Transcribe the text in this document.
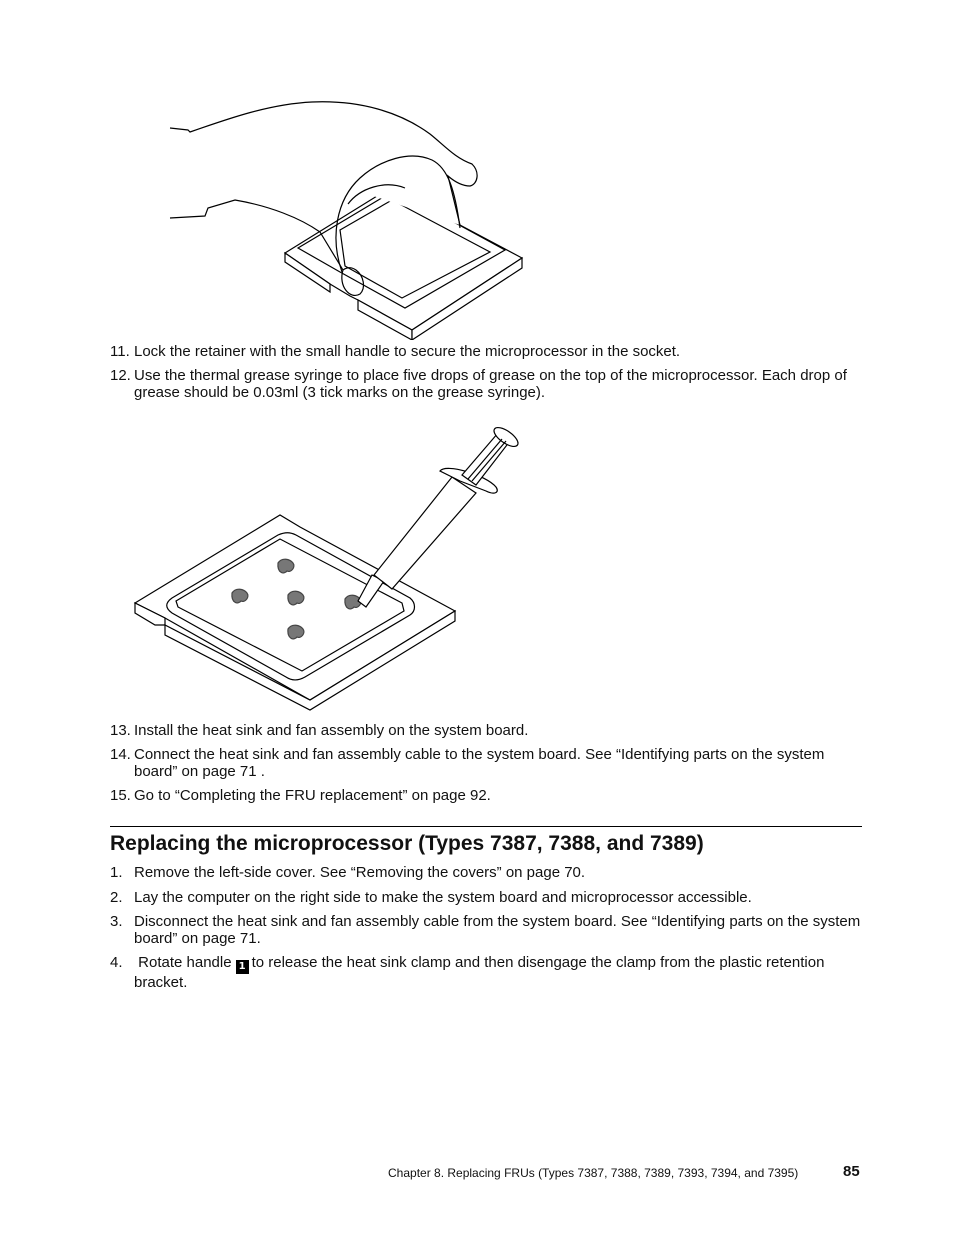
11. Lock the retainer with the small handle to secure the microprocessor in the socket.
12. Use the thermal grease syringe to place five drops of grease on the top of the microprocessor. Each drop of grease should be 0.03ml (3 tick marks on the grease syringe).
13. Install the heat sink and fan assembly on the system board.
14. Connect the heat sink and fan assembly cable to the system board. See “Identifying parts on the system board” on page 71 .
15. Go to “Completing the FRU replacement” on page 92.
Replacing the microprocessor (Types 7387, 7388, and 7389)
1. Remove the left-side cover. See “Removing the covers” on page 70.
2. Lay the computer on the right side to make the system board and microprocessor accessible.
3. Disconnect the heat sink and fan assembly cable from the system board. See “Identifying parts on the system board” on page 71.
4. Rotate handle 1 to release the heat sink clamp and then disengage the clamp from the plastic retention bracket.
Chapter 8. Replacing FRUs (Types 7387, 7388, 7389, 7393, 7394, and 7395)	85
